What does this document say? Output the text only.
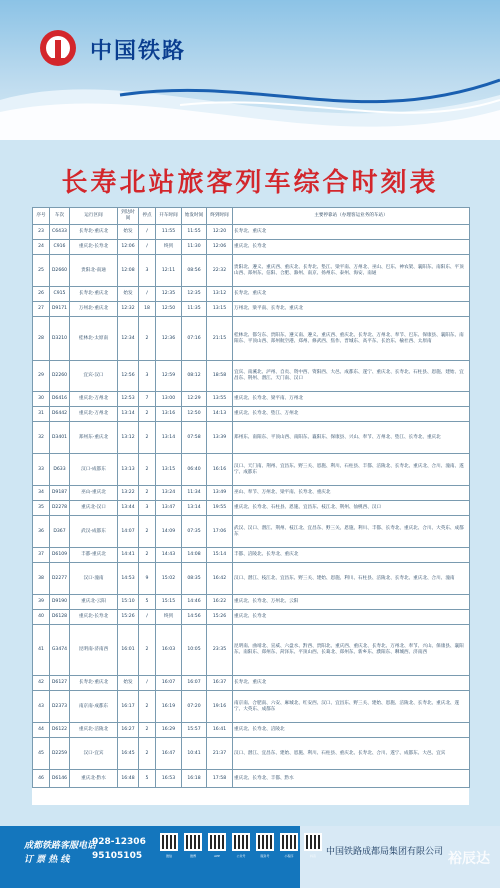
中国铁路
长寿北站旅客列车综合时刻表
序号	车次	运行区间	到达时间	停点	开车时间	始发时间	终到时间	主要停靠站（办理客运业务的车站）
23	C6433	长寿北-重庆北	始发	/	11:55	11:55	12:20	长寿北、重庆北
24	C916	重庆北-长寿北	12:06	/	终到	11:30	12:06	重庆北、长寿北
25	D2660	贵阳北-南通	12:08	3	12:11	08:56	22:32	贵阳北、遵义、重庆西、重庆北、长寿北、垫江、梁平南、万州北、巫山、巴东、神农架、襄阳东、南阳东、平顶山西、郑州东、信阳、合肥、滁州、南京、扬州东、泰州、海安、南通
26	C915	长寿北-重庆北	始发	/	12:35	12:35	13:12	长寿北、重庆北
27	D9171	万州北-重庆北	12:32	18	12:50	11:35	13:15	万州北、梁平南、长寿北、重庆北
28	D3210	桂林北-太原南	12:34	2	12:36	07:16	21:15	桂林北、都匀东、贵阳东、遵义南、遵义、重庆西、重庆北、长寿北、万州北、奉节、巴东、保康县、襄阳东、南阳东、平顶山西、郑州航空港、郑州、修武西、焦作、晋城东、高平东、长治东、榆社西、太原南
29	D2260	宜宾-汉口	12:56	3	12:59	08:12	18:58	宜宾、南溪北、泸州、自贡、资中西、资阳西、大邑、成都东、遂宁、重庆北、长寿北、石柱县、恩施、建始、宜昌东、荆州、潜江、天门南、汉口
30	D6416	重庆北-万州北	12:53	7	13:00	12:29	13:55	重庆北、长寿北、梁平南、万州北
31	D6442	重庆北-万州北	13:14	2	13:16	12:50	14:13	重庆北、长寿北、垫江、万州北
32	D3401	郑州东-重庆北	13:12	2	13:14	07:58	13:39	郑州东、南阳东、平顶山西、南阳东、襄阳东、保康县、兴山、奉节、万州北、垫江、长寿北、重庆北
33	D633	汉口-成都东	13:13	2	13:15	06:40	16:16	汉口、天门南、荆州、宜昌东、野三关、恩施、利川、石柱县、丰都、涪陵北、长寿北、重庆北、合川、潼南、遂宁、成都东
34	D9187	巫山-重庆北	13:22	2	13:24	11:34	13:49	巫山、奉节、万州北、梁平南、长寿北、重庆北
35	D2278	重庆北-汉口	13:44	3	13:47	13:14	19:55	重庆北、长寿北、石柱县、恩施、宜昌东、枝江北、荆州、仙桃西、汉口
36	D367	武汉-成都东	14:07	2	14:09	07:35	17:06	武汉、汉口、潜江、荆州、枝江北、宜昌东、野三关、恩施、利川、丰都、长寿北、重庆北、合川、大英东、成都东
37	D6109	丰都-重庆北	14:41	2	14:43	14:08	15:14	丰都、涪陵北、长寿北、重庆北
38	D2277	汉口-潼南	14:53	9	15:02	08:35	16:42	汉口、潜江、枝江北、宜昌东、野三关、建始、恩施、利川、石柱县、涪陵北、长寿北、重庆北、合川、潼南
39	D9190	重庆北-云阳	15:10	5	15:15	14:46	16:22	重庆北、长寿北、万州北、云阳
40	D6128	重庆北-长寿北	15:26	/	终到	14:56	15:26	重庆北、长寿北
41	G3474	昆明南-济南西	16:01	2	16:03	10:05	23:35	昆明南、曲靖北、宣威、六盘水、黔西、贵阳北、重庆西、重庆北、长寿北、万州北、奉节、兴山、保康县、襄阳东、南阳东、郑州东、菏泽东、平顶山西、长葛北、郑州东、新乡东、濮阳东、聊城西、济南西
42	D6127	长寿北-重庆北	始发	/	16:07	16:07	16:37	长寿北、重庆北
43	D2373	南京南-成都东	16:17	2	16:19	07:20	19:16	南京南、合肥南、六安、麻城北、红安西、汉口、宜昌东、野三关、建始、恩施、涪陵北、长寿北、重庆北、遂宁、大英东、成都东
44	D6122	重庆北-涪陵北	16:27	2	16:29	15:57	16:41	重庆北、长寿北、涪陵北
45	D2259	汉口-宜宾	16:45	2	16:47	10:41	21:37	汉口、潜江、宜昌东、建始、恩施、利川、石柱县、重庆北、长寿北、合川、遂宁、成都东、大邑、宜宾
46	D6146	重庆北-黔水	16:48	5	16:53	16:18	17:58	重庆北、长寿北、丰都、黔水
成都铁路客服电话
订 票 热 线
028-12306
95105105	微信	微博	APP	公众号	服务号	小程序	抖音	中国铁路成都局集团有限公司 裕辰达
